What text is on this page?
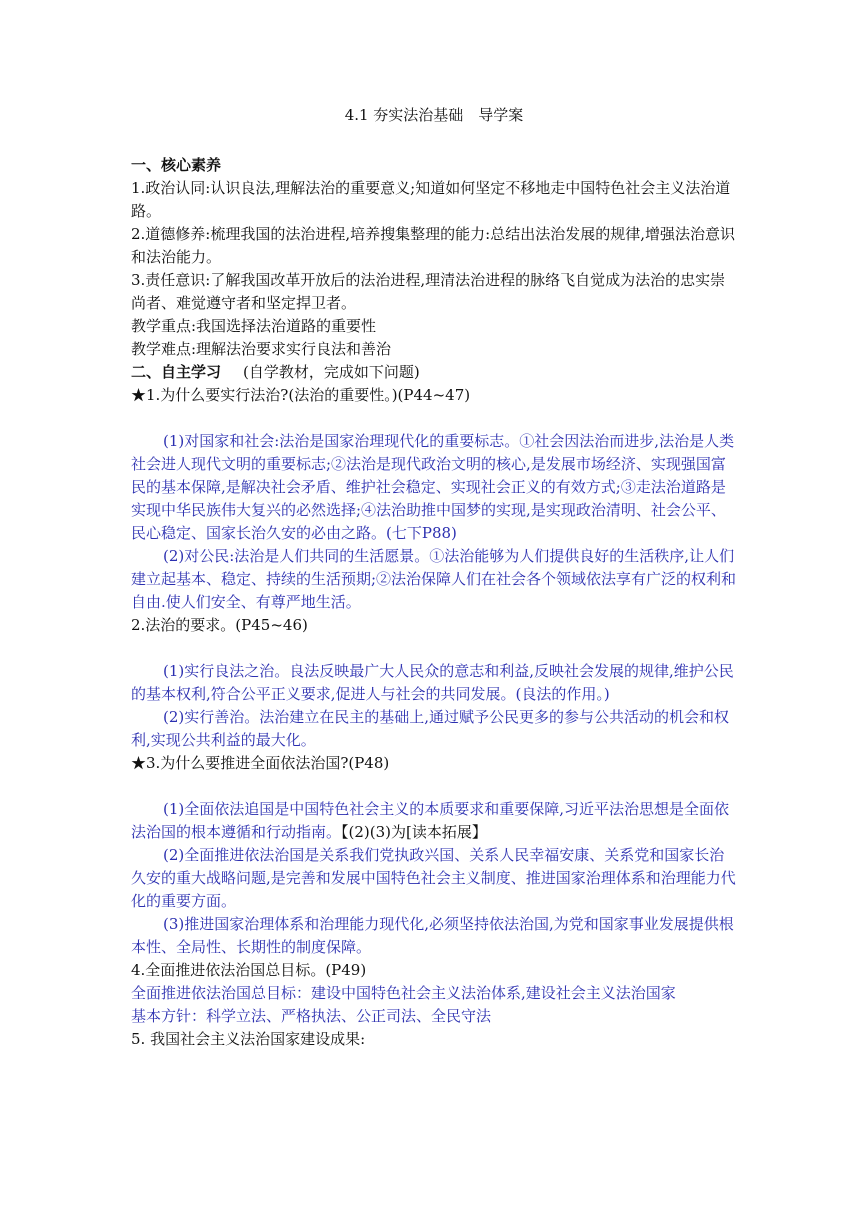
4.1 夯实法治基础　导学案

一、核心素养

1.政治认同:认识良法,理解法治的重要意义;知道如何坚定不移地走中国特色社会主义法治道路。

2.道德修养:梳理我国的法治进程,培养搜集整理的能力:总结出法治发展的规律,增强法治意识和法治能力。

3.责任意识:了解我国改革开放后的法治进程,理清法治进程的脉络飞自觉成为法治的忠实崇尚者、难觉遵守者和坚定捍卫者。

教学重点:我国选择法治道路的重要性

教学难点:理解法治要求实行良法和善治

二、自主学习 (自学教材，完成如下问题)

★1.为什么要实行法治?(法治的重要性。)(P44~47)

(1)对国家和社会:法治是国家治理现代化的重要标志。①社会因法治而进步,法治是人类社会进人现代文明的重要标志;②法治是现代政治文明的核心,是发展市场经济、实现强国富民的基本保障,是解决社会矛盾、维护社会稳定、实现社会正义的有效方式;③走法治道路是实现中华民族伟大复兴的必然选择;④法治助推中国梦的实现,是实现政治清明、社会公平、民心稳定、国家长治久安的必由之路。(七下P88)

(2)对公民:法治是人们共同的生活愿景。①法治能够为人们提供良好的生活秩序,让人们建立起基本、稳定、持续的生活预期;②法治保障人们在社会各个领域依法享有广泛的权利和自由.使人们安全、有尊严地生活。

2.法治的要求。(P45~46)

(1)实行良法之治。良法反映最广大人民众的意志和利益,反映社会发展的规律,维护公民的基本权利,符合公平正义要求,促进人与社会的共同发展。(良法的作用。)

(2)实行善治。法治建立在民主的基础上,通过赋予公民更多的参与公共活动的机会和权利,实现公共利益的最大化。

★3.为什么要推进全面依法治国?(P48)

(1)全面依法追国是中国特色社会主义的本质要求和重要保障,习近平法治思想是全面依法治国的根本遵循和行动指南。【(2)(3)为[读本拓展】

(2)全面推进依法治国是关系我们党执政兴国、关系人民幸福安康、关系党和国家长治久安的重大战略问题,是完善和发展中国特色社会主义制度、推进国家治理体系和治理能力代化的重要方面。

(3)推进国家治理体系和治理能力现代化,必须坚持依法治国,为党和国家事业发展提供根本性、全局性、长期性的制度保障。

4.全面推进依法治国总目标。(P49)

全面推进依法治国总目标：建设中国特色社会主义法治体系,建设社会主义法治国家

基本方针：科学立法、严格执法、公正司法、全民守法

5. 我国社会主义法治国家建设成果:
